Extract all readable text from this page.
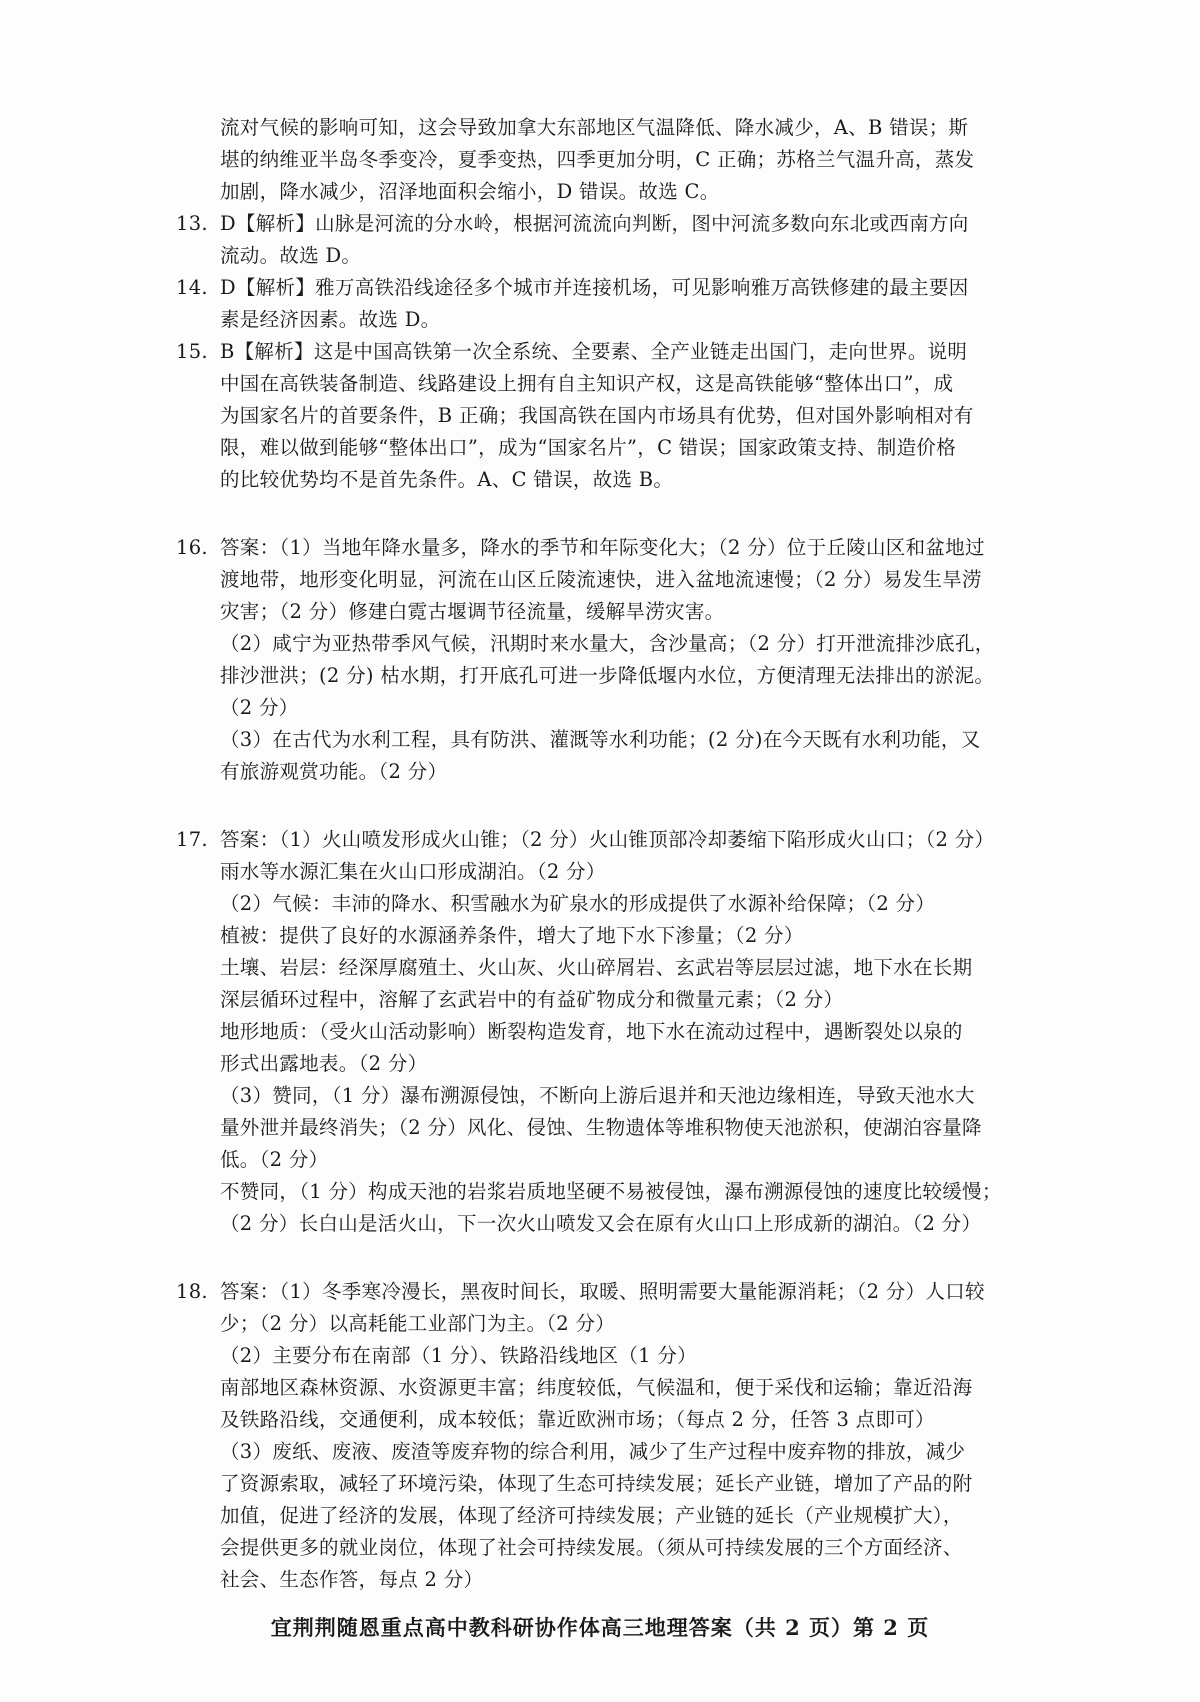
流对气候的影响可知，这会导致加拿大东部地区气温降低、降水减少，A、B 错误；斯
堪的纳维亚半岛冬季变冷，夏季变热，四季更加分明，C 正确；苏格兰气温升高，蒸发
加剧，降水减少，沼泽地面积会缩小，D 错误。故选 C。
13. D【解析】山脉是河流的分水岭，根据河流流向判断，图中河流多数向东北或西南方向
流动。故选 D。
14. D【解析】雅万高铁沿线途径多个城市并连接机场，可见影响雅万高铁修建的最主要因
素是经济因素。故选 D。
15. B【解析】这是中国高铁第一次全系统、全要素、全产业链走出国门，走向世界。说明
中国在高铁装备制造、线路建设上拥有自主知识产权，这是高铁能够“整体出口”，成
为国家名片的首要条件，B 正确；我国高铁在国内市场具有优势，但对国外影响相对有
限，难以做到能够“整体出口”，成为“国家名片”，C 错误；国家政策支持、制造价格
的比较优势均不是首先条件。A、C 错误，故选 B。
16. 答案：（1）当地年降水量多，降水的季节和年际变化大；（2 分）位于丘陵山区和盆地过
渡地带，地形变化明显，河流在山区丘陵流速快，进入盆地流速慢；（2 分）易发生旱涝
灾害；（2 分）修建白霓古堰调节径流量，缓解旱涝灾害。
（2）咸宁为亚热带季风气候，汛期时来水量大，含沙量高；（2 分）打开泄流排沙底孔，
排沙泄洪；(2 分) 枯水期，打开底孔可进一步降低堰内水位，方便清理无法排出的淤泥。
（2 分）
（3）在古代为水利工程，具有防洪、灌溉等水利功能；(2 分)在今天既有水利功能，又
有旅游观赏功能。（2 分）
17. 答案：（1）火山喷发形成火山锥；（2 分）火山锥顶部冷却萎缩下陷形成火山口；（2 分）
雨水等水源汇集在火山口形成湖泊。（2 分）
（2）气候：丰沛的降水、积雪融水为矿泉水的形成提供了水源补给保障；（2 分）
植被：提供了良好的水源涵养条件，增大了地下水下渗量；（2 分）
土壤、岩层：经深厚腐殖土、火山灰、火山碎屑岩、玄武岩等层层过滤，地下水在长期
深层循环过程中，溶解了玄武岩中的有益矿物成分和微量元素；（2 分）
地形地质：（受火山活动影响）断裂构造发育，地下水在流动过程中，遇断裂处以泉的
形式出露地表。（2 分）
（3）赞同，（1 分）瀑布溯源侵蚀，不断向上游后退并和天池边缘相连，导致天池水大
量外泄并最终消失；（2 分）风化、侵蚀、生物遗体等堆积物使天池淤积，使湖泊容量降
低。（2 分）
不赞同，（1 分）构成天池的岩浆岩质地坚硬不易被侵蚀，瀑布溯源侵蚀的速度比较缓慢；
（2 分）长白山是活火山，下一次火山喷发又会在原有火山口上形成新的湖泊。（2 分）
18. 答案：（1）冬季寒冷漫长，黑夜时间长，取暖、照明需要大量能源消耗；（2 分）人口较
少；（2 分）以高耗能工业部门为主。（2 分）
（2）主要分布在南部（1 分）、铁路沿线地区（1 分）
南部地区森林资源、水资源更丰富；纬度较低，气候温和，便于采伐和运输；靠近沿海
及铁路沿线，交通便利，成本较低；靠近欧洲市场；（每点 2 分，任答 3 点即可）
（3）废纸、废液、废渣等废弃物的综合利用，减少了生产过程中废弃物的排放，减少
了资源索取，减轻了环境污染，体现了生态可持续发展；延长产业链，增加了产品的附
加值，促进了经济的发展，体现了经济可持续发展；产业链的延长（产业规模扩大），
会提供更多的就业岗位，体现了社会可持续发展。（须从可持续发展的三个方面经济、
社会、生态作答，每点 2 分）
宜荆荆随恩重点高中教科研协作体高三地理答案（共 2 页）第 2 页
